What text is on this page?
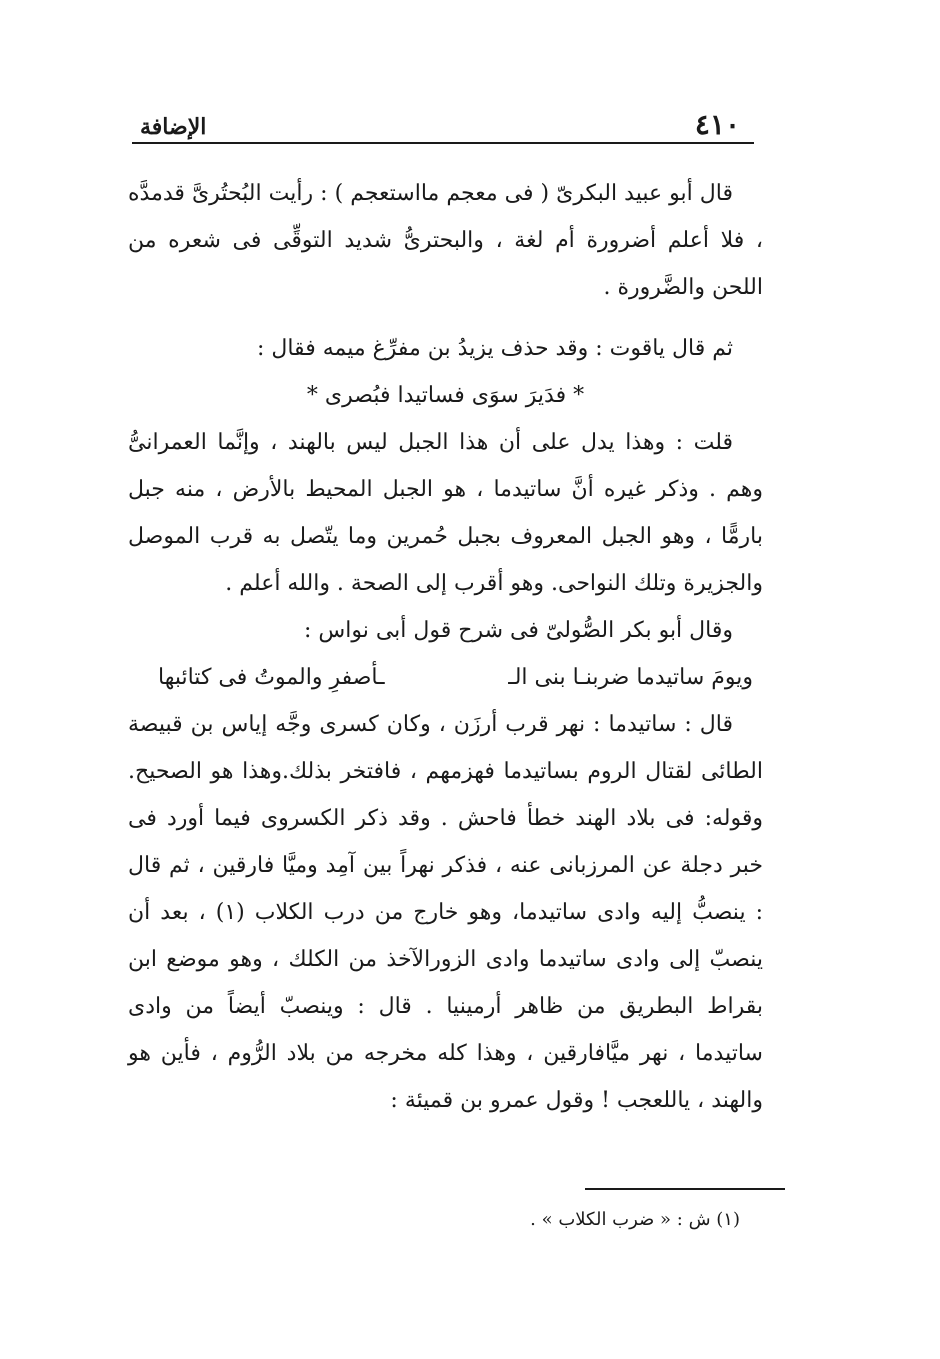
٤١٠
الإضافة

قال أبو عبيد البكرىّ ( فى معجم مااستعجم ) : رأيت البُحتُرىَّ قدمدَّه ، فلا أعلم أضرورة أم لغة ، والبحترىُّ شديد التوقِّى فى شعره من اللحن والضَّرورة .

ثم قال ياقوت : وقد حذف يزيدُ بن مفرِّغ ميمه فقال :

* فدَيرَ سوَى فساتيدا فبُصرى *

قلت : وهذا يدل على أن هذا الجبل ليس بالهند ، وإنَّما العمرانىُّ وهم . وذكر غيره أنَّ ساتيدما ، هو الجبل المحيط بالأرض ، منه جبل بارمًّا ، وهو الجبل المعروف بجبل حُمرين وما يتّصل به قرب الموصل والجزيرة وتلك النواحى. وهو أقرب إلى الصحة . والله أعلم .

وقال أبو بكر الصُّولىّ فى شرح قول أبى نواس :

ويومَ ساتيدما ضربنـا بنى الـ
ـأصفرِ والموتُ فى كتائبها

قال : ساتيدما : نهر قرب أرزَن ، وكان كسرى وجَّه إياس بن قبيصة الطائى لقتال الروم بساتيدما فهزمهم ، فافتخر بذلك.وهذا هو الصحيح. وقوله: فى بلاد الهند خطأ فاحش . وقد ذكر الكسروى فيما أورد فى خبر دجلة عن المرزبانى عنه ، فذكر نهراً بين آمِد وميَّا فارقين ، ثم قال : ينصبُّ إليه وادى ساتيدما، وهو خارج من درب الكلاب (١) ، بعد أن ينصبّ إلى وادى ساتيدما وادى الزورالآخذ من الكلك ، وهو موضع ابن بقراط البطريق من ظاهر أرمينيا . قال : وينصبّ أيضاً من وادى ساتيدما ، نهر ميَّافارقين ، وهذا كله مخرجه من بلاد الرُّوم ، فأين هو والهند ، ياللعجب ! وقول عمرو بن قميئة :

(١) ش : « ضرب الكلاب » .
